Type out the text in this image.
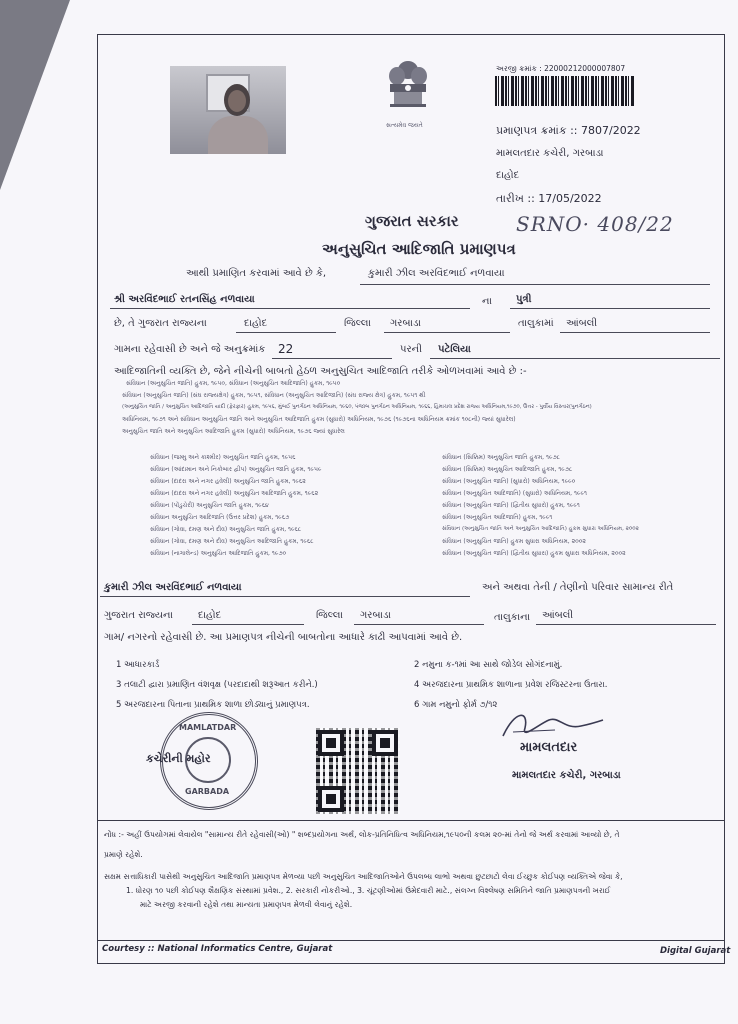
સત્યમેવ જયતે
અરજી ક્રમાંક : 22000212000007807
પ્રમાણપત્ર ક્રમાંક :: 7807/2022
મામલતદાર કચેરી, ગરબાડા
દાહોદ
તારીખ :: 17/05/2022
SRNO· 408/22
ગુજરાત સરકાર
અનુસુચિત આદિજાતિ પ્રમાણપત્ર
આથી પ્રમાણિત કરવામાં આવે છે કે,	કુમારી ઝીલ અરવિંદભાઈ નળવાયા
શ્રી અરવિંદભાઈ રતનસિંહ નળવાયા	ના પુત્રી
છે, તે ગુજરાત રાજ્યના	દાહોદ	જિલ્લા ગરબાડા	તાલુકામાં આંબલી
ગામના રહેવાસી છે અને જે અનુક્રમાંક 22	પરની પટેલિયા
આદિજાતિની વ્યક્તિ છે, જેને નીચેની બાબતો હેઠળ અનુસુચિત આદિજાતિ તરીકે ઓળખવામાં આવે છે :-
સંવિધાન (અનુસુચિત જાતિ) હુકમ, ૧૯૫૦, સંવિધાન (અનુસુચિત આદિજાતિ) હુકમ, ૧૯૫૦
સંવિધાન (અનુસુચિત જાતિ) (સંઘ રાજ્યક્ષેત્ર) હુકમ, ૧૯૫૧, સંવિધાન (અનુસુચિત આદિજાતિ) (સંઘ રાજ્ય ક્ષેત્ર) હુકમ, ૧૯૫૧ થી
(અનુસુચિત જાતિ / અનુસુચિત આદિજાતિ યાદી (ફેરફાર) હુકમ, ૧૯૫૬, મુંબઈ પુનર્ગઠન અધિનિયમ, ૧૯૬૦, પંજાબ પુનર્ગઠન અધિનિયમ, ૧૯૬૬, હિમાચલ પ્રદેશ રાજ્ય અધિનિયમ,૧૯૭૦, ઉત્તર - પુર્વીય વિસ્તાર(પુનર્ગઠન)
અધિનિયમ, ૧૯૭૧ અને સંવિધાન અનુસુચિત જાતિ અને અનુસુચિત આદિજાતિ હુકમ (સુધારો) અધિનિયમ, ૧૯૭૬ (૧૯૭૬ના અધિનિયમ ક્રમાંક ૧૦૮ની) જ્યાં સુધારેલ)
અનુસુચિત જાતિ અને અનુસુચિત આદિજાતિ હુકમ (સુધારો) અધિનિયમ, ૧૯૭૬ જ્યાં સુધારેલ
સંવિધાન (જમ્મુ અને કાશ્મીર) અનુસુચિત જાતિ હુકમ, ૧૯૫૬
સંવિધાન (આંદામાન અને નિકોબાર દ્વીપ) અનુસુચિત જાતિ હુકમ, ૧૯૫૯
સંવિધાન (દાદરા અને નગર હવેલી) અનુસુચિત જાતિ હુકમ, ૧૯૬૨
સંવિધાન (દાદરા અને નગર હવેલી) અનુસુચિત આદિજાતિ હુકમ, ૧૯૬૨
સંવિધાન (પોંડુચેરી) અનુસુચિત જાતિ હુકમ, ૧૯૬૪
સંવિધાન અનુસુચિત આદિજાતિ (ઉત્તર પ્રદેશ) હુકમ, ૧૯૬૭
સંવિધાન (ગોવા, દમણ અને દીવ) અનુસુચિત જાતિ હુકમ, ૧૯૬૮
સંવિધાન (ગોવા, દમણ અને દીવ) અનુસુચિત આદિજાતિ હુકમ, ૧૯૬૮
સંવિધાન (નાગાલેન્ડ) અનુસુચિત આદિજાતિ હુકમ, ૧૯૭૦
સંવિધાન (સિક્કિમ) અનુસુચિત જાતિ હુકમ, ૧૯૭૮
સંવિધાન (સિક્કિમ) અનુસુચિત આદિજાતિ હુકમ, ૧૯૭૮
સંવિધાન (અનુસુચિત જાતિ) (સુધારો) અધિનિયમ, ૧૯૯૦
સંવિધાન (અનુસુચિત આદિજાતિ) (સુધારો) અધિનિયમ, ૧૯૯૧
સંવિધાન (અનુસુચિત જાતિ) (દ્વિતીય સુધારો) હુકમ, ૧૯૯૧
સંવિધાન (અનુસુચિત આદિજાતિ) હુકમ, ૧૯૯૧
સંવિધાન (અનુસુચિત જાતિ અને અનુસુચિત આદિજાતિ) હુકમ સુધારા અધિનિયમ, ૨૦૦૨
સંવિધાન (અનુસુચિત જાતિ) હુકમ સુધારા અધિનિયમ, ૨૦૦૨
સંવિધાન (અનુસુચિત જાતિ) (દ્વિતીય સુધારા) હુકમ સુધારા અધિનિયમ, ૨૦૦૨
કુમારી ઝીલ અરવિંદભાઈ નળવાયા	અને અથવા તેની / તેણીનો પરિવાર સામાન્ય રીતે
ગુજરાત રાજ્યના	દાહોદ	જિલ્લા ગરબાડા	તાલુકાના આંબલી
ગામ/ નગરનો રહેવાસી છે. આ પ્રમાણપત્ર નીચેની બાબતોના આધારે કાઢી આપવામાં આવે છે.
1 આધારકાર્ડ
3 તલાટી દ્વારા પ્રમાણિત વંશવૃક્ષ (પરદાદાથી શરૂઆત કરીને.)
5 અરજદારના પિતાના પ્રાથમિક શાળા છોડ્યાનું પ્રમાણપત્ર.
2 નમુના ક-૧માં આ સાથે જોડેલ સોગંદનામું.
4 અરજદારના પ્રાથમિક શાળાના પ્રવેશ રજિસ્ટરના ઉતારા.
6 ગામ નમુનો ફોર્મ ૭/૧૨
MAMLATDAR
GARBADA
કચેરીની મહોર
મામલતદાર
મામલતદાર કચેરી, ગરબાડા
નોંધ :- અહીં ઉપયોગમાં લેવાયેલ "સામાન્ય રીતે રહેવાસી(ઓ) " શબ્દપ્રયોગના અર્થ, લોક-પ્રતિનિધિત્વ અધિનિયમ,૧૯૫૦ની કલમ ૨૦-માં તેનો જે અર્થ કરવામાં આવ્યો છે, તે
પ્રમાણે રહેશે.
સક્ષમ સત્તાધિકારી પાસેથી અનુસુચિત આદિજાતિ પ્રમાણપત્ર મેળવ્યા પછી અનુસુચિત આદિજાતિઓને ઉપલબ્ધ લાભો અથવા છુટછાટો લેવા ઈચ્છુક કોઈપણ વ્યક્તિએ જેવા કે,
1. ધોરણ ૧૦ પછી કોઈપણ શૈક્ષણિક સંસ્થામાં પ્રવેશ., 2. સરકારી નોકરીઓ., 3. ચૂંટણીઓમાં ઉમેદવારી માટે., સંલગ્ન વિશ્લેષણ સમિતિને જાતિ પ્રમાણપત્રની ખરાઈ
માટે અરજી કરવાની રહેશે તથા માન્યતા પ્રમાણપત્ર મેળવી લેવાનું રહેશે.
Courtesy :: National Informatics Centre, Gujarat	Digital Gujarat
